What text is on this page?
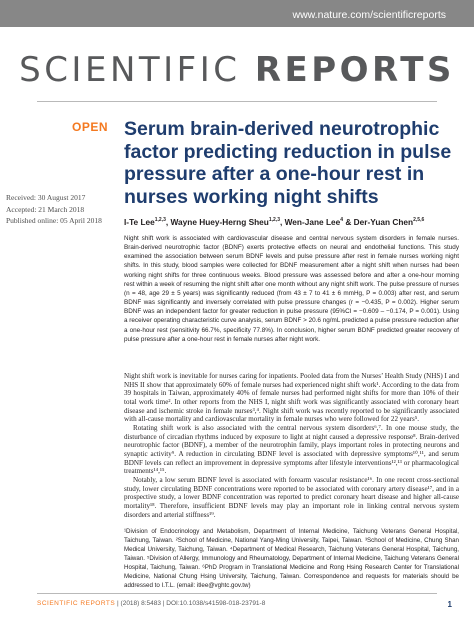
www.nature.com/scientificreports
SCIENTIFIC REPORTS
OPEN Serum brain-derived neurotrophic factor predicting reduction in pulse pressure after a one-hour rest in nurses working night shifts
Received: 30 August 2017
Accepted: 21 March 2018
Published online: 05 April 2018	I-Te Lee$^{1,2,3}$, Wayne Huey-Herng Sheu$^{1,2,3}$, Wen-Jane Lee$^4$ & Der-Yuan Chen$^{2,5,6}$

Night shift work is associated with cardiovascular disease and central nervous system disorders in female nurses. Brain-derived neurotrophic factor (BDNF) exerts protective effects on neural and endothelial functions. This study examined the association between serum BDNF levels and pulse pressure after rest in female nurses working night shifts. In this study, blood samples were collected for BDNF measurement after a night shift when nurses had been working night shifts for three continuous weeks. Blood pressure was assessed before and after a one-hour morning rest within a week of resuming the night shift after one month without any night shift work. The pulse pressure of nurses (n = 48, age 29 ± 5 years) was significantly reduced (from 43 ± 7 to 41 ± 6 mmHg, P = 0.003) after rest, and serum BDNF was significantly and inversely correlated with pulse pressure changes (r = −0.435, P = 0.002). Higher serum BDNF was an independent factor for greater reduction in pulse pressure (95%CI = −0.609 – −0.174, P = 0.001). Using a receiver operating characteristic curve analysis, serum BDNF > 20.6 ng/mL predicted a pulse pressure reduction after a one-hour rest (sensitivity 66.7%, specificity 77.8%). In conclusion, higher serum BDNF predicted greater recovery of pulse pressure after a one-hour rest in female nurses after night work.

Night shift work is inevitable for nurses caring for inpatients. Pooled data from the Nurses’ Health Study (NHS) I and NHS II show that approximately 60% of female nurses had experienced night shift work¹. According to the data from 39 hospitals in Taiwan, approximately 40% of female nurses had performed night shifts for more than 10% of their total work time². In other reports from the NHS I, night shift work was significantly associated with coronary heart disease and ischemic stroke in female nurses³,⁴. Night shift work was recently reported to be significantly associated with all-cause mortality and cardiovascular mortality in female nurses who were followed for 22 years⁵.

Rotating shift work is also associated with the central nervous system disorders⁶,⁷. In one mouse study, the disturbance of circadian rhythms induced by exposure to light at night caused a depressive response⁸. Brain-derived neurotrophic factor (BDNF), a member of the neurotrophin family, plays important roles in protecting neurons and synaptic activity⁹. A reduction in circulating BDNF level is associated with depressive symptoms¹⁰,¹¹, and serum BDNF levels can reflect an improvement in depressive symptoms after lifestyle interventions¹²,¹³ or pharmacological treatments¹⁴,¹⁵.

Notably, a low serum BDNF level is associated with forearm vascular resistance¹⁶. In one recent cross-sectional study, lower circulating BDNF concentrations were reported to be associated with coronary artery disease¹⁷, and in a prospective study, a lower BDNF concentration was reported to predict coronary heart disease and higher all-cause mortality¹⁸. Therefore, insufficient BDNF levels may play an important role in linking central nervous system disorders and arterial stiffness¹⁹.

¹Division of Endocrinology and Metabolism, Department of Internal Medicine, Taichung Veterans General Hospital, Taichung, Taiwan. ²School of Medicine, National Yang-Ming University, Taipei, Taiwan. ³School of Medicine, Chung Shan Medical University, Taichung, Taiwan. ⁴Department of Medical Research, Taichung Veterans General Hospital, Taichung, Taiwan. ⁵Division of Allergy, Immunology and Rheumatology, Department of Internal Medicine, Taichung Veterans General Hospital, Taichung, Taiwan. ⁶PhD Program in Translational Medicine and Rong Hsing Research Center for Translational Medicine, National Chung Hsing University, Taichung, Taiwan. Correspondence and requests for materials should be addressed to I.T.L. (email: itlee@vghtc.gov.tw)

SCIENTIFIC REPORTS | (2018) 8:5483 | DOI:10.1038/s41598-018-23791-8	1
